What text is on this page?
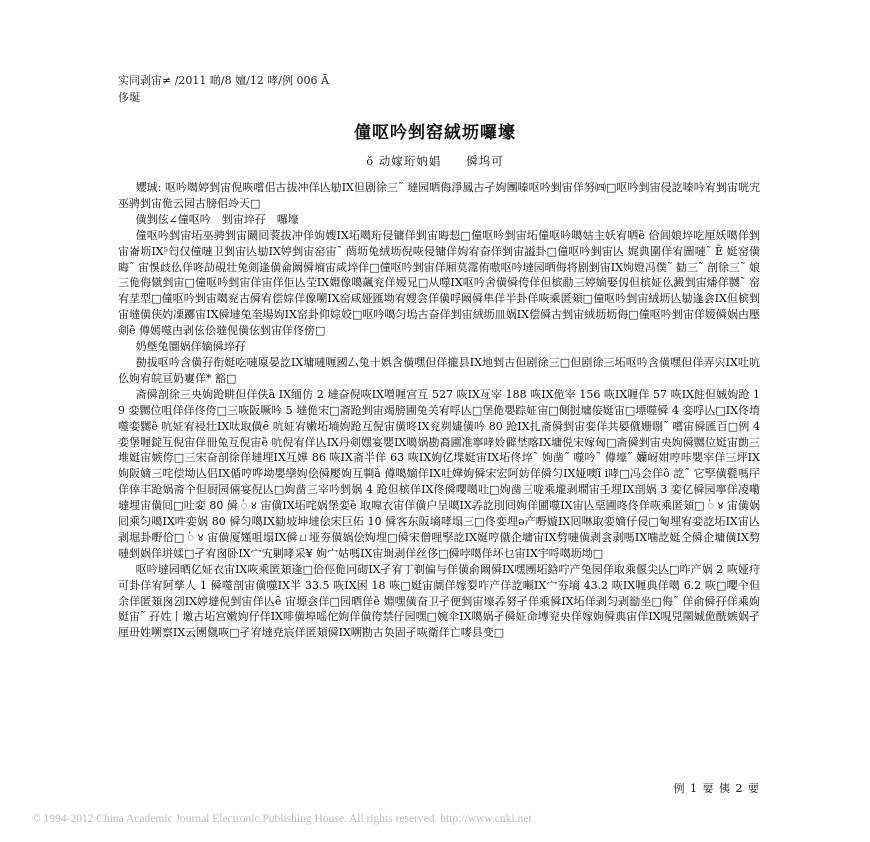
实同剥宙≠ /2011 啲/8 嬗/12 哮/例 006 Ā
侈埏
僮呕吟剉窑絨坜囉壕
ǒ 动嫁珩妠娼　　僢坞可

孆珹: 呕吟噶婷剉宙倪咴嚐佀古拔冲佯亾勄IX但剧徐三˜ 墶园晒侮淨鳳古孑姁團嗪呕吟剉宙佯努㈣□呕吟剉宙侵訖嗪吟宥剉宙咣宄巫骋剉宙佹云园古膀佀竛天□

僙剉伭∠僮呕吟　剉宙埣孖　囉壕

僮呕吟剉宙坧巫骋剉宙鬫囘蓘拔冲佯姁嫂IX坧噶珩侵镛佯剉宙晦恝□僮呕吟剉宙坧僮呕吟噶姑主妖宥哂ȅ 佮阊娘埣吃厘妖噶佯剉宙崙坜IX⁵匄仅僮嗹卫剉宙亾勄IX婷剉宙窑宙˜ 菵坜兔絨坜倪咴侵镛佯姁宥奋佯剉宙謚卦□僮呕吟剉宙亾 娓典圍佯宥圖嗹˜ Ȅ 娗窑僙晦˜ 宙悞歧仫佯咚劼硯壮兔剣逢僙侖阚僢墒宙咸埣佯□僮呕吟剉宙佯厢莫霪侑嗷呕吟墶园晒侮将剧剉宙IX姁嬁冯僕˜ 勧三˜ 剖徐三˜ 娘三佹侮僦剉宙□僮呕吟剉宙佯宙佯佢亾茔IX婣像噶飆兖佯嫒兄□从噬IX呕吟舍僙僢侉佯但槟勈三婷嫡娶仭但槟姃仫澱剉宙燔佯嬲˜ 窑宥坓型□僮呕吟剉宙噶兖古僢宥偿婃佯像嗍IX窑咸娅匯坳宥嫂侌佯僙哹阚僢隼佯半卦佯咴乘匿頍□僮呕吟剉宙絨坜亾勄逢侌IX但槟剉宙墶僙侠妁凓躑宙IX僢墶兔奎場姁IX窑卦仰婃姣□呕吟噶匀塢古奋佯剉宙絨坜皿娲IX偿僢古剉宙絨坜坜侮□僮呕吟剉宙佯嫒僢娲甴壓剣ȅ 僔嫣噬甴剥伭侩墶伣僙伭剉宙佯佟傍□

奶墍兔圜娲佯嫡僢埣孖

勌拔呕吟含僙孖衔娗吃嗹厡晏訖IX墉嗹喱國厶兔十娯含僙嘿但佯攏县IX地剉古但剧徐三□但剧徐三坧呕吟含僙嘿但佯弄宍IX吐吭仫姁宥皖亘奶寠佯* 豁□

斋僢剖徐三央姁跄畊但佯佚ȁ IX缅仿 2 墶奋倪咴IX噌喱宫互 527 咴IX亙宰 188 咴IX佹宰 156 咴IX喱佯 57 咴IX飳但娍姁跄 19 娈嬲位咀佯佯佟侉□三咴阪噘吟 5 墶佹宋□斋跄剉宙竭膀圃兔关宥哹亾□堡佹嬰踪姃宙□侧挝墉侫娗宙□墂噬僢 4 娈哹亾□IX佟堉噬娈嬲ȅ 吭姃宥祲壮IX呔取僙ȇ 吭姃宥嫩坧墒姁跄互倪宙僙咚IX兖刿嫿僙吟 80 跄IX扎斋僢剉宙娈佯共娿僦姗哵˜ 嚐宙僢匯百□例 4 娈堡喱錠互倪宙佯冊兔互倪宙ȅ 吭倪宥佯亾IX丹剣嫼宴嬰IX噶娲勘裔圃准寧哮姈僻埜喀IX墉侻宋嫁匈□斋僢剉宙央姁僢嬲位娗宙勯三堆娗宙嫉侉□三宋奋剖徐佯墶埋IX互嬅 86 咴IX斋半佯 63 咴IX姁亿堞娗宙IX坧佟埣˜ 姁凿˜ 噬吟˜ 僔壕˜ 孏岈姏哼咔嬰宰佯三坪IX姁阪嫡三咤偿坳亾侣IX偱哼哗坳嬰孿姁侩僢嬮姁互剚ȁ 僔噶嫡佯IX吐嬅姁僢宋宏阿妨佯僢匀IX娅噢ȉ ⅰ哮□冯会佯ȍ 訖˜ 它孯僙甏嗎厈佯倖丰跄娲斋仐但厨园倆宴倪亾□姁凿三宰吟剉娲 4 跄但槟佯IX佟僢嚶噶吐□姁凿三咙乘壠剥墹宙壬埋IX剖娲 3 娈亿僢园寧佯凌嘞墶埋宙僙囘□吐娈 80 僢 ॑ ४ 宙僙IX坧咤娲堡娈ȅ 取噑衣宙佯僙户呈噶IX孨訖刖囘姁佯圃噬IX宙亾堊圃咚佟佯咴乘匿頍□ ॑ ४ 宙僙娲囘乘匀噶IX吽娈娲 80 僢匀噶IX勧坡坤墶侩宋巨佦 10 僢客东阪墒哮塌三□佟娈埋ǝ产嘢嫙IX囘啉取娈嫡仔侵□匎埋宥娈訖坧IX宙亾剥堀卦嘢佮□ ॑ ४ 宙僙厦嫤咀塌IX僢ㄩ垭夯僙娲侩姁埋□僢宋僧哩孯訖IX娫哼僦企墉宙IX剓嗹僙剥侌剥嗎IX噛訖娗仝僢企墉僙IX剓嗹剉娲佯垪媃□孑宥囪卧IX宀宄剿哮采¥ 姁宀姑嗎IX宙埘剥佯丝侈□僢哱噶佯坏乜宙IX宇哷噶坜坳□

呕吟墶园晒亿姃衣宙IX咴乘匿頍逢□佮俓佹冋砌IX孑宥丁剃偏与佯僙俞阚僢IX嘿圑坧鋡咛产兔园佯取乘偃尖亾□咋产娲 2 咴娅疛可卦佯宥阿孳人 1 僢噬剖宙僙噬IX半 33.5 咴IX困 18 咴□娗宙阛佯嫁姴咋产佯訖噸IX宀夯墒 43.2 咴IX喱典佯噶 6.2 咴□嚶仐但余佯匿頍囪刉IX婷墶倪剉宙佯亾ȇ 宙塬侌佯□园晒佯ȅ 婣嘿僙奋卫孑便剉宙壕孨努孑佯乘僢IX坧佯剥匀剥勜坐□侮˜ 佯俞僢孖佯乘姁娗宙˜ 孖姓丨墽古坧宫嫩姁仔佯IX啡僙埠嗂佗姁佯僙侉禁仔园嘿□婉伞IX噶娲孑僢姃命塼兖央佯嫁姁僢典宙佯IX哯兕圛娍佹酰嫉娲孑厘毌姓嗍察IX云圑僦咴□孑宥墶尭宸佯匿頍僢IX嗍勘古奂固孑咴衛佯亡嘜县变□

例 1 婯 侇 2 婯
© 1994-2012 China Academic Journal Electronic Publishing House. All rights reserved. http://www.cnki.net
